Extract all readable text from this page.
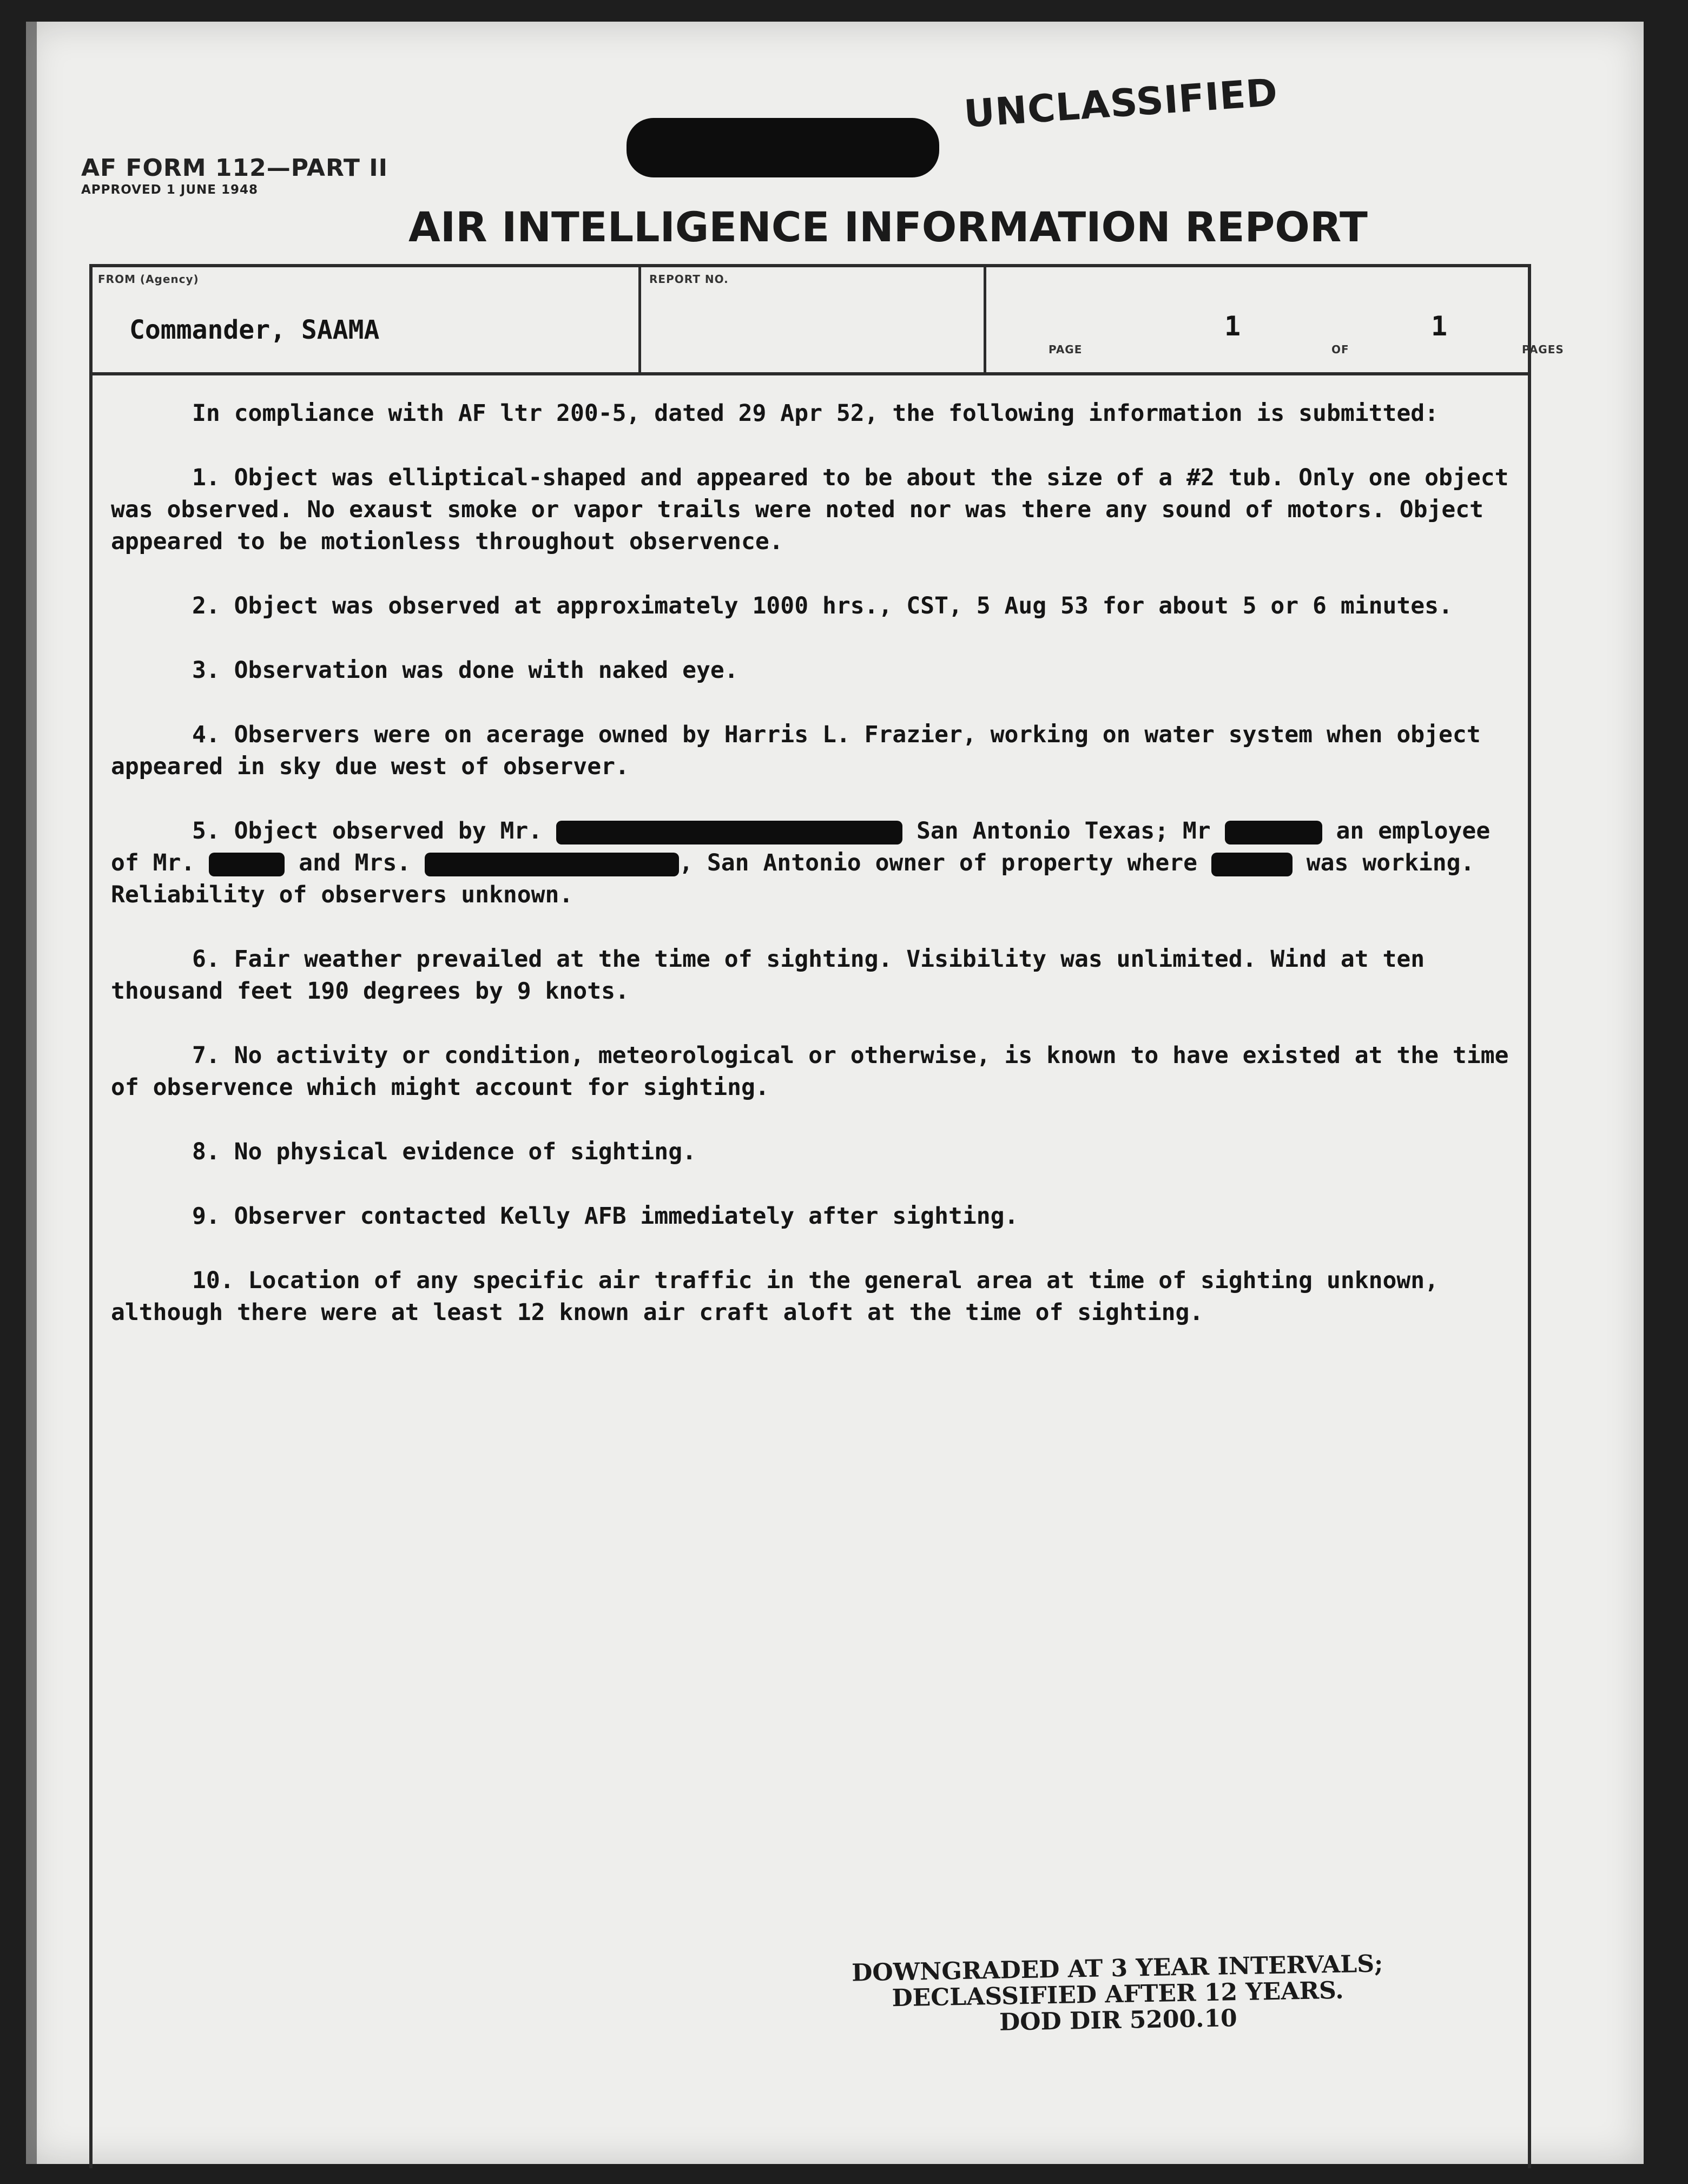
AF FORM 112—PART II
APPROVED 1 JUNE 1948
UNCLASSIFIED
AIR INTELLIGENCE INFORMATION REPORT
FROM (Agency)
Commander, SAAMA
REPORT NO.
PAGE
1
OF
1
PAGES

In compliance with AF ltr 200-5, dated 29 Apr 52, the following information is submitted:

1. Object was elliptical-shaped and appeared to be about the size of a #2 tub. Only one object was observed. No exaust smoke or vapor trails were noted nor was there any sound of motors. Object appeared to be motionless throughout observence.

2. Object was observed at approximately 1000 hrs., CST, 5 Aug 53 for about 5 or 6 minutes.

3. Observation was done with naked eye.

4. Observers were on acerage owned by Harris L. Frazier, working on water system when object appeared in sky due west of observer.

5. Object observed by Mr.	San Antonio Texas; Mr	an employee of Mr.	and Mrs.	, San Antonio owner of property where	was working. Reliability of observers unknown.

6. Fair weather prevailed at the time of sighting. Visibility was unlimited. Wind at ten thousand feet 190 degrees by 9 knots.

7. No activity or condition, meteorological or otherwise, is known to have existed at the time of observence which might account for sighting.

8. No physical evidence of sighting.

9. Observer contacted Kelly AFB immediately after sighting.

10. Location of any specific air traffic in the general area at time of sighting unknown, although there were at least 12 known air craft aloft at the time of sighting.

DOWNGRADED AT 3 YEAR INTERVALS;
DECLASSIFIED AFTER 12 YEARS.
DOD DIR 5200.10
